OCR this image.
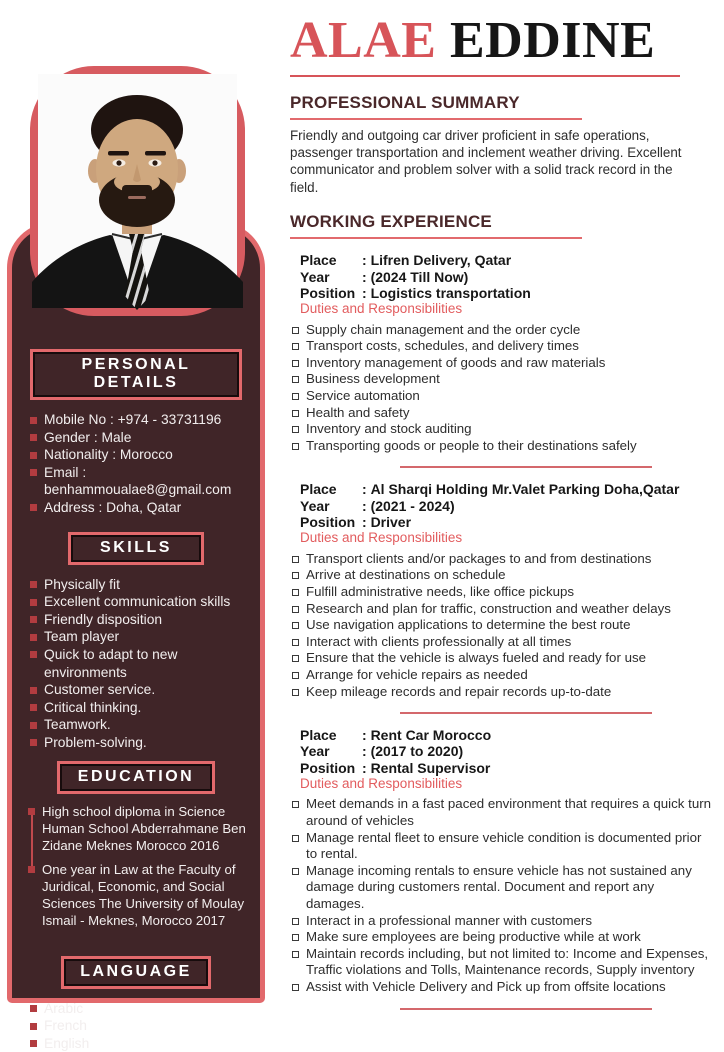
PERSONAL DETAILS
Mobile No : +974 - 33731196
Gender : Male
Nationality : Morocco
Email : benhammoualae8@gmail.com
Address : Doha, Qatar
SKILLS
Physically fit
Excellent communication skills
Friendly disposition
Team player
Quick to adapt to new environments
Customer service.
Critical thinking.
Teamwork.
Problem-solving.
EDUCATION
High school diploma in Science Human School Abderrahmane Ben Zidane Meknes Morocco 2016
One year in Law at the Faculty of Juridical, Economic, and Social Sciences The University of Moulay Ismail - Meknes, Morocco 2017
LANGUAGE
Arabic
French
English
ALAE EDDINE
PROFESSIONAL SUMMARY

Friendly and outgoing car driver proficient in safe operations, passenger transportation and inclement weather driving. Excellent communicator and problem solver with a solid track record in the field.

WORKING EXPERIENCE
Place	: Lifren Delivery, Qatar
Year	: (2024 Till Now)
Position	: Logistics transportation
Duties and Responsibilities
Supply chain management and the order cycle
Transport costs, schedules, and delivery times
Inventory management of goods and raw materials
Business development
Service automation
Health and safety
Inventory and stock auditing
Transporting goods or people to their destinations safely
Place	: Al Sharqi Holding Mr.Valet Parking Doha,Qatar
Year	: (2021 - 2024)
Position	: Driver
Duties and Responsibilities
Transport clients and/or packages to and from destinations
Arrive at destinations on schedule
Fulfill administrative needs, like office pickups
Research and plan for traffic, construction and weather delays
Use navigation applications to determine the best route
Interact with clients professionally at all times
Ensure that the vehicle is always fueled and ready for use
Arrange for vehicle repairs as needed
Keep mileage records and repair records up-to-date
Place	: Rent Car Morocco
Year	: (2017 to 2020)
Position	: Rental Supervisor
Duties and Responsibilities
Meet demands in a fast paced environment that requires a quick turn around of vehicles
Manage rental fleet to ensure vehicle condition is documented prior to rental.
Manage incoming rentals to ensure vehicle has not sustained any damage during customers rental. Document and report any damages.
Interact in a professional manner with customers
Make sure employees are being productive while at work
Maintain records including, but not limited to: Income and Expenses, Traffic violations and Tolls, Maintenance records, Supply inventory
Assist with Vehicle Delivery and Pick up from offsite locations
